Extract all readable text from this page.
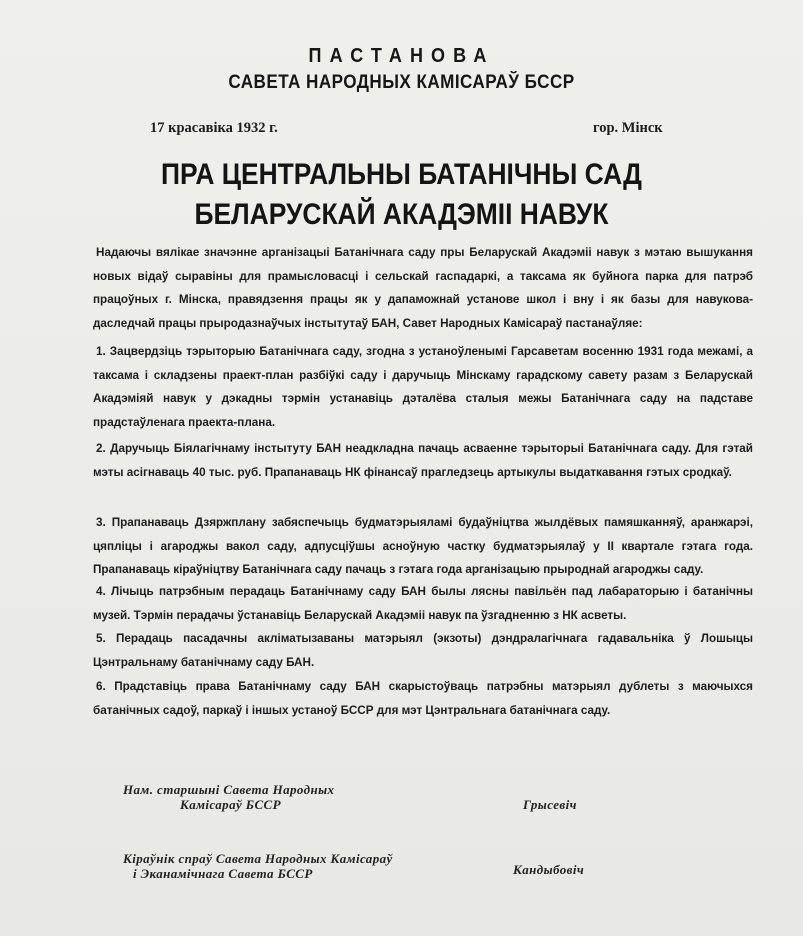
ПАСТАНОВА
САВЕТА НАРОДНЫХ КАМІСАРАЎ БССР
17 красавіка 1932 г.	гор. Мінск
ПРА ЦЕНТРАЛЬНЫ БАТАНІЧНЫ САД
БЕЛАРУСКАЙ АКАДЭМІІ НАВУК

Надаючы вялікае значэнне арганізацыі Батанічнага саду пры Беларускай Акадэміі навук з мэтаю вышукання новых відаў сыравіны для прамысловасці і сельскай гаспадаркі, а таксама як буйнога парка для патрэб працоўных г. Мінска, правядзення працы як у дапаможнай установе школ і вну і як базы для навукова-даследчай працы прыродазнаўчых інстытутаў БАН, Савет Народных Камісараў пастанаўляе:

1. Зацвердзіць тэрыторыю Батанічнага саду, згодна з устаноўленымі Гарсаветам восенню 1931 года межамі, а таксама і складзены праект-план разбіўкі саду і даручыць Мінскаму гарадскому савету разам з Беларускай Акадэміяй навук у дэкадны тэрмін устанавіць дэталёва сталыя межы Батанічнага саду на падставе прадстаўленага праекта-плана.

2. Даручыць Біялагічнаму інстытуту БАН неадкладна пачаць асваенне тэрыторыі Батанічнага саду. Для гэтай мэты асігнаваць 40 тыс. руб. Прапанаваць НК фінансаў прагледзець артыкулы выдаткавання гэтых сродкаў.

3. Прапанаваць Дзяржплану забяспечыць будматэрыяламі будаўніцтва жылдёвых памяшканняў, аранжарэі, цяпліцы і агароджы вакол саду, адпусціўшы асноўную частку будматэрыялаў у II квартале гэтага года. Прапанаваць кіраўніцтву Батанічнага саду пачаць з гэтага года арганізацыю прыроднай агароджы саду.

4. Лічыць патрэбным перадаць Батанічнаму саду БАН былы лясны павільён пад лабараторыю і батанічны музей. Тэрмін перадачы ўстанавіць Беларускай Акадэміі навук па ўзгадненню з НК асветы.

5. Перадаць пасадачны акліматызаваны матэрыял (экзоты) дэндралагічнага гадавальніка ў Лошыцы Цэнтральнаму батанічнаму саду БАН.

6. Прадставіць права Батанічнаму саду БАН скарыстоўваць патрэбны матэрыял дублеты з маючыхся батанічных садоў, паркаў і іншых устаноў БССР для мэт Цэнтральнага батанічнага саду.

Нам. старшыні Савета Народных
Камісараў БССР	Грысевіч
Кіраўнік спраў Савета Народных Камісараў
і Эканамічнага Савета БССР	Кандыбовіч
